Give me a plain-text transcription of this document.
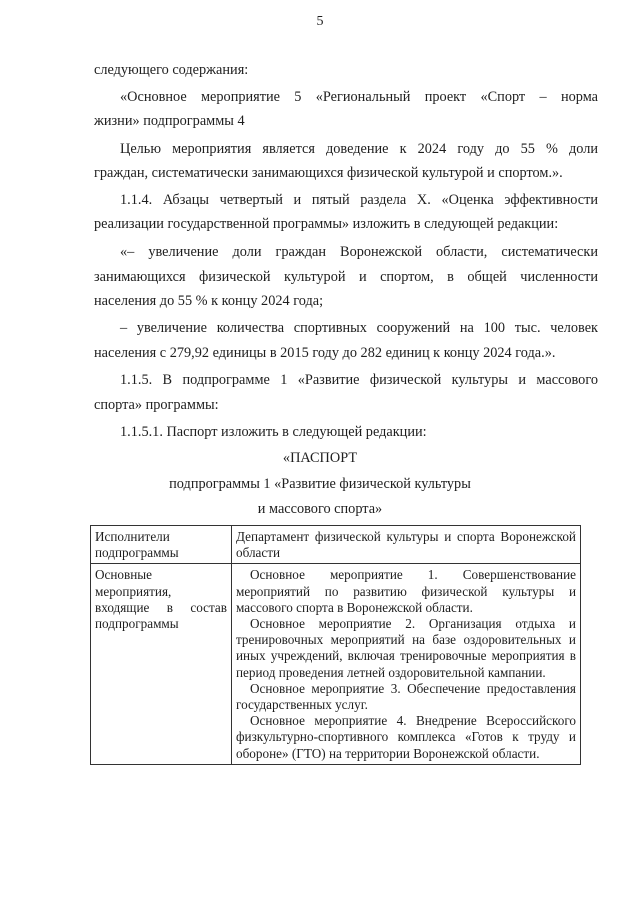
5
следующего содержания:
«Основное мероприятие 5 «Региональный проект «Спорт – норма
жизни» подпрограммы 4
Целью мероприятия является доведение к 2024 году до 55 % доли
граждан, систематически занимающихся физической культурой и спортом.».
1.1.4. Абзацы четвертый и пятый раздела X. «Оценка эффективности
реализации государственной программы» изложить в следующей редакции:
«– увеличение доли граждан Воронежской области, систематически
занимающихся физической культурой и спортом, в общей численности
населения до 55 % к концу 2024 года;
– увеличение количества спортивных сооружений на 100 тыс. человек
населения с 279,92 единицы в 2015 году до 282 единиц к концу 2024 года.».
1.1.5. В подпрограмме 1 «Развитие физической культуры и массового
спорта» программы:
1.1.5.1. Паспорт изложить в следующей редакции:
«ПАСПОРТ
подпрограммы 1 «Развитие физической культуры
и массового спорта»
Исполнители подпрограммы	Департамент физической культуры и спорта Воронежской области

Основные мероприятия, входящие в состав подпрограммы	Основное мероприятие 1. Совершенствование мероприятий по развитию физической культуры и массового спорта в Воронежской области.
Основное мероприятие 2. Организация отдыха и тренировочных мероприятий на базе оздоровительных и иных учреждений, включая тренировочные мероприятия в период проведения летней оздоровительной кампании.
Основное мероприятие 3. Обеспечение предоставления государственных услуг.
Основное мероприятие 4. Внедрение Всероссийского физкультурно-спортивного комплекса «Готов к труду и обороне» (ГТО) на территории Воронежской области.
